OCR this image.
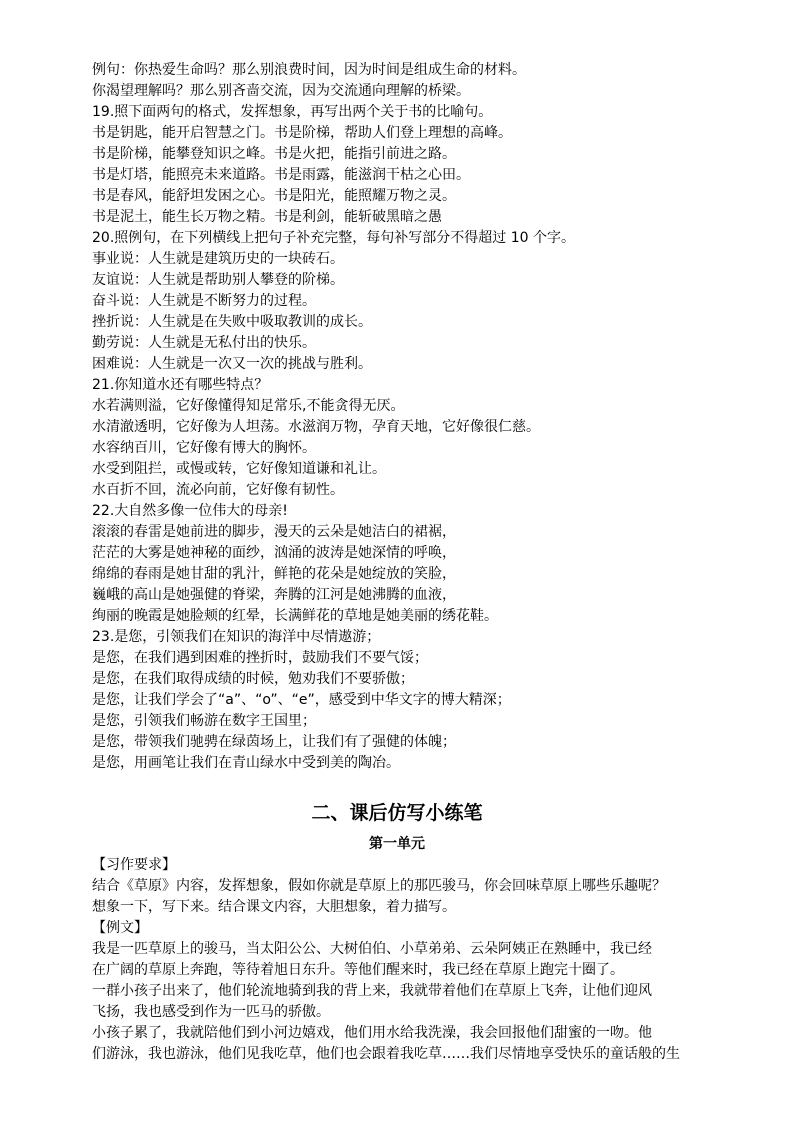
例句：你热爱生命吗？那么别浪费时间，因为时间是组成生命的材料。
你渴望理解吗？那么别吝啬交流，因为交流通向理解的桥梁。
19.照下面两句的格式，发挥想象，再写出两个关于书的比喻句。
书是钥匙，能开启智慧之门。书是阶梯，帮助人们登上理想的高峰。
书是阶梯，能攀登知识之峰。书是火把，能指引前进之路。
书是灯塔，能照亮未来道路。书是雨露，能滋润干枯之心田。
书是春风，能舒坦发困之心。书是阳光，能照耀万物之灵。
书是泥土，能生长万物之精。书是利剑，能斩破黑暗之愚
20.照例句，在下列横线上把句子补充完整，每句补写部分不得超过 10 个字。
事业说：人生就是建筑历史的一块砖石。
友谊说：人生就是帮助别人攀登的阶梯。
奋斗说：人生就是不断努力的过程。
挫折说：人生就是在失败中吸取教训的成长。
勤劳说：人生就是无私付出的快乐。
困难说：人生就是一次又一次的挑战与胜利。
21.你知道水还有哪些特点？
水若满则溢，它好像懂得知足常乐,不能贪得无厌。
水清澈透明，它好像为人坦荡。水滋润万物，孕育天地，它好像很仁慈。
水容纳百川，它好像有博大的胸怀。
水受到阻拦，或慢或转，它好像知道谦和礼让。
水百折不回，流必向前，它好像有韧性。
22.大自然多像一位伟大的母亲!
滚滚的春雷是她前进的脚步，漫天的云朵是她洁白的裙裾，
茫茫的大雾是她神秘的面纱，汹涌的波涛是她深情的呼唤，
绵绵的春雨是她甘甜的乳汁，鲜艳的花朵是她绽放的笑脸，
巍峨的高山是她强健的脊梁，奔腾的江河是她沸腾的血液，
绚丽的晚霞是她脸颊的红晕，长满鲜花的草地是她美丽的绣花鞋。
23.是您，引领我们在知识的海洋中尽情遨游；
是您，在我们遇到困难的挫折时，鼓励我们不要气馁；
是您，在我们取得成绩的时候，勉劝我们不要骄傲；
是您，让我们学会了“a”、“o”、“e”，感受到中华文字的博大精深；
是您，引领我们畅游在数字王国里；
是您，带领我们驰骋在绿茵场上，让我们有了强健的体魄；
是您，用画笔让我们在青山绿水中受到美的陶冶。
二、课后仿写小练笔
第一单元
【习作要求】
结合《草原》内容，发挥想象，假如你就是草原上的那匹骏马，你会回味草原上哪些乐趣呢？
想象一下，写下来。结合课文内容，大胆想象，着力描写。
【例文】
我是一匹草原上的骏马，当太阳公公、大树伯伯、小草弟弟、云朵阿姨正在熟睡中，我已经
在广阔的草原上奔跑，等待着旭日东升。等他们醒来时，我已经在草原上跑完十圈了。
一群小孩子出来了，他们轮流地骑到我的背上来，我就带着他们在草原上飞奔，让他们迎风
飞扬，我也感受到作为一匹马的骄傲。
小孩子累了，我就陪他们到小河边嬉戏，他们用水给我洗澡，我会回报他们甜蜜的一吻。他
们游泳，我也游泳，他们见我吃草，他们也会跟着我吃草……我们尽情地享受快乐的童话般的生
